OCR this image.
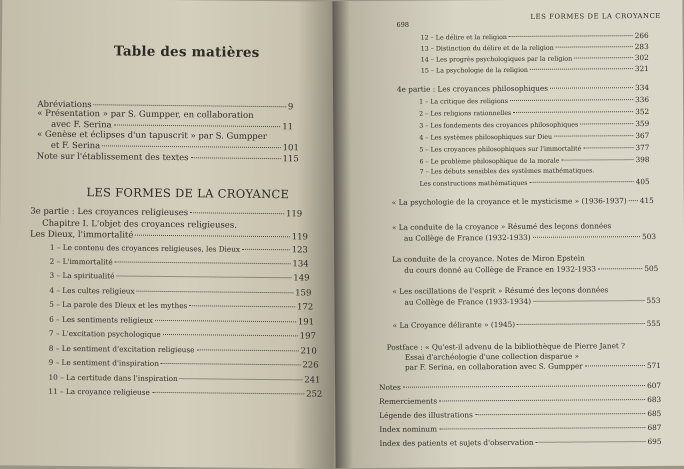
Table des matières
Abréviations	9
« Présentation » par S. Gumpper, en collaboration
avec F. Serina	11
« Genèse et éclipses d'un tapuscrit » par S. Gumpper
et F. Serina	101
Note sur l'établissement des textes	115
LES FORMES DE LA CROYANCE
3e partie : Les croyances religieuses	119
Chapitre I. L'objet des croyances religieuses.
Les Dieux, l'immortalité	119
1 – Le contenu des croyances religieuses, les Dieux	123
2 – L'immortalité	134
3 – La spiritualité	149
4 – Les cultes religieux	159
5 – La parole des Dieux et les mythes	172
6 – Les sentiments religieux	191
7 – L'excitation psychologique	197
8 – Le sentiment d'excitation religieuse	210
9 – Le sentiment d'inspiration	226
10 – La certitude dans l'inspiration	241
11 – La croyance religieuse	252
698
LES FORMES DE LA CROYANCE
12 – Le délire et la religion	266
13 – Distinction du délire et de la religion	283
14 – Les progrès psychologiques par la religion	302
15 – La psychologie de la religion	321
4e partie : Les croyances philosophiques	334
1 – La critique des religions	336
2 – Les religions rationnelles	352
3 – Les fondements des croyances philosophiques	359
4 – Les systèmes philosophiques sur Dieu	367
5 – Les croyances philosophiques sur l'immortalité	377
6 – Le problème philosophique de la morale	398
7 – Les débuts sensibles des systèmes mathématiques.
Les constructions mathématiques	405
« La psychologie de la croyance et le mysticisme » (1936-1937) 415
« La conduite de la croyance » Résumé des leçons données
au Collège de France (1932-1933)	503
La conduite de la croyance. Notes de Miron Epstein
du cours donné au Collège de France en 1932-1933	505
« Les oscillations de l'esprit » Résumé des leçons données
au Collège de France (1933-1934)	553
« La Croyance délirante » (1945)	555
Postface : « Qu'est-il advenu de la bibliothèque de Pierre Janet ?
Essai d'archéologie d'une collection disparue »
par F. Serina, en collaboration avec S. Gumpper	571
Notes	607
Remerciements	683
Légende des illustrations	685
Index nominum	687
Index des patients et sujets d'observation	695
